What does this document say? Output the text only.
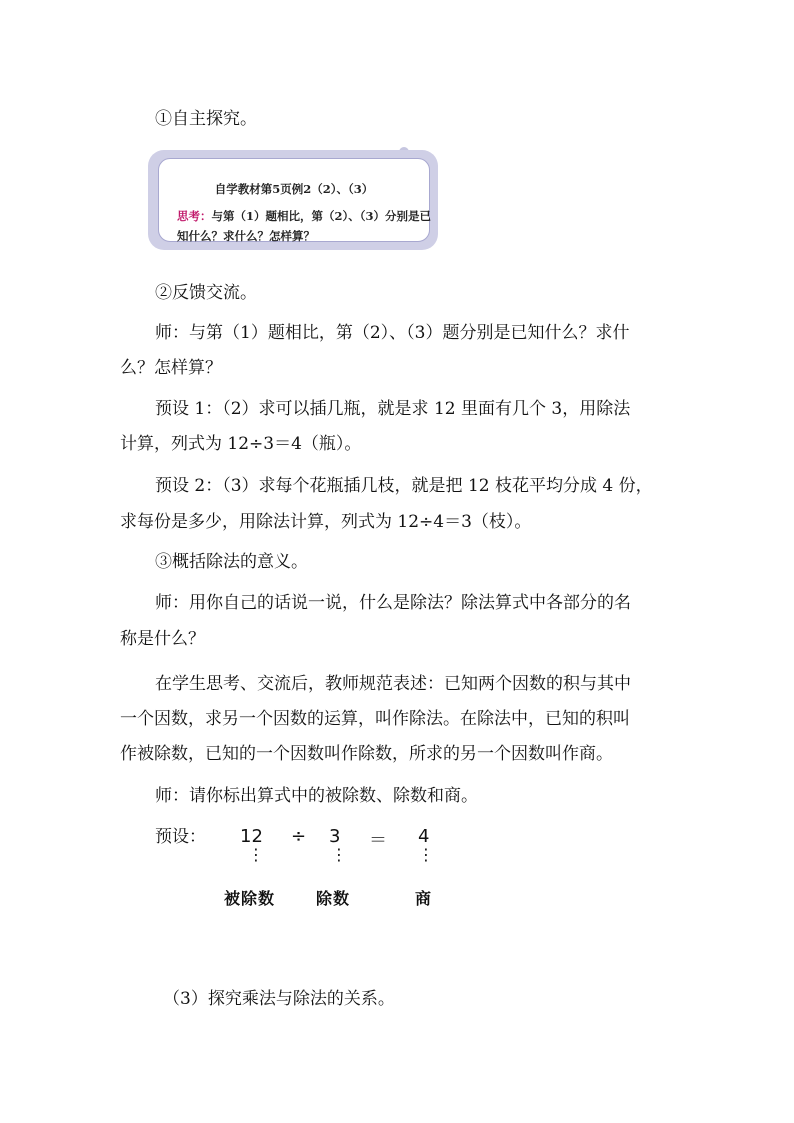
①自主探究。
自学教材第5页例2（2）、（3）
思考：与第（1）题相比，第（2）、（3）分别是已知什么？求什么？怎样算？
②反馈交流。
师：与第（1）题相比，第（2）、（3）题分别是已知什么？求什
么？怎样算？
预设 1：（2）求可以插几瓶，就是求 12 里面有几个 3，用除法
计算，列式为 12÷3＝4（瓶）。
预设 2：（3）求每个花瓶插几枝，就是把 12 枝花平均分成 4 份，
求每份是多少，用除法计算，列式为 12÷4＝3（枝）。
③概括除法的意义。
师：用你自己的话说一说，什么是除法？除法算式中各部分的名
称是什么？
在学生思考、交流后，教师规范表述：已知两个因数的积与其中
一个因数，求另一个因数的运算，叫作除法。在除法中，已知的积叫
作被除数，已知的一个因数叫作除数，所求的另一个因数叫作商。
师：请你标出算式中的被除数、除数和商。
预设： 12 ÷ 3 ＝ 4
⋮	⋮	⋮
被除数	除数	商
（3）探究乘法与除法的关系。
